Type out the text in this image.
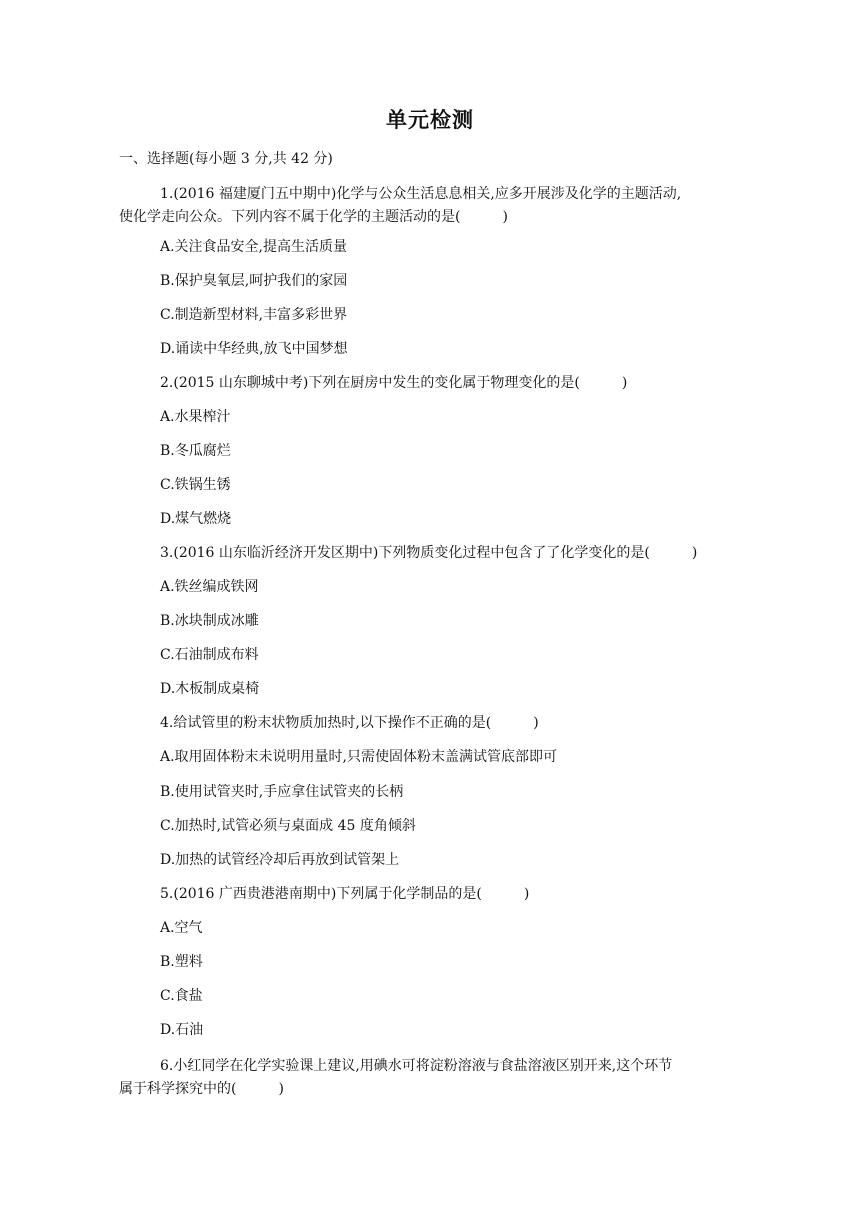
单元检测
一、选择题(每小题 3 分,共 42 分)
1.(2016 福建厦门五中期中)化学与公众生活息息相关,应多开展涉及化学的主题活动,
使化学走向公众。下列内容不属于化学的主题活动的是(　　　)
A.关注食品安全,提高生活质量
B.保护臭氧层,呵护我们的家园
C.制造新型材料,丰富多彩世界
D.诵读中华经典,放飞中国梦想
2.(2015 山东聊城中考)下列在厨房中发生的变化属于物理变化的是(　　　)
A.水果榨汁
B.冬瓜腐烂
C.铁锅生锈
D.煤气燃烧
3.(2016 山东临沂经济开发区期中)下列物质变化过程中包含了了化学变化的是(　　　)
A.铁丝编成铁网
B.冰块制成冰雕
C.石油制成布料
D.木板制成桌椅
4.给试管里的粉末状物质加热时,以下操作不正确的是(　　　)
A.取用固体粉末未说明用量时,只需使固体粉末盖满试管底部即可
B.使用试管夹时,手应拿住试管夹的长柄
C.加热时,试管必须与桌面成 45 度角倾斜
D.加热的试管经冷却后再放到试管架上
5.(2016 广西贵港港南期中)下列属于化学制品的是(　　　)
A.空气
B.塑料
C.食盐
D.石油
6.小红同学在化学实验课上建议,用碘水可将淀粉溶液与食盐溶液区别开来,这个环节
属于科学探究中的(　　　)
